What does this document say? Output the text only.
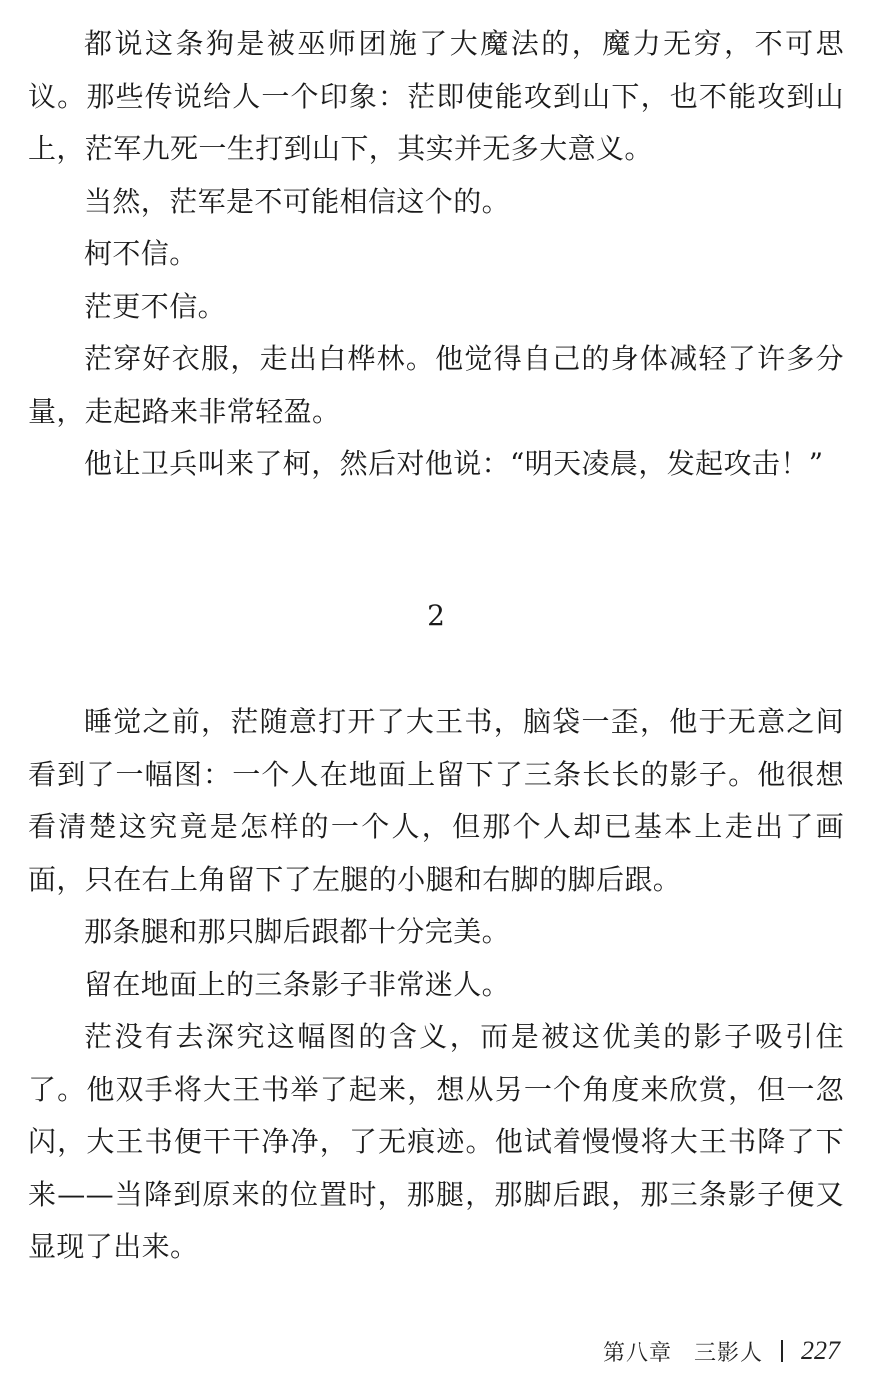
都说这条狗是被巫师团施了大魔法的，魔力无穷，不可思议。那些传说给人一个印象：茫即使能攻到山下，也不能攻到山上，茫军九死一生打到山下，其实并无多大意义。

当然，茫军是不可能相信这个的。

柯不信。

茫更不信。

茫穿好衣服，走出白桦林。他觉得自己的身体减轻了许多分量，走起路来非常轻盈。

他让卫兵叫来了柯，然后对他说：“明天凌晨，发起攻击！”

2

睡觉之前，茫随意打开了大王书，脑袋一歪，他于无意之间看到了一幅图：一个人在地面上留下了三条长长的影子。他很想看清楚这究竟是怎样的一个人，但那个人却已基本上走出了画面，只在右上角留下了左腿的小腿和右脚的脚后跟。

那条腿和那只脚后跟都十分完美。

留在地面上的三条影子非常迷人。

茫没有去深究这幅图的含义，而是被这优美的影子吸引住了。他双手将大王书举了起来，想从另一个角度来欣赏，但一忽闪，大王书便干干净净，了无痕迹。他试着慢慢将大王书降了下来——当降到原来的位置时，那腿，那脚后跟，那三条影子便又显现了出来。

第八章 三影人 227
